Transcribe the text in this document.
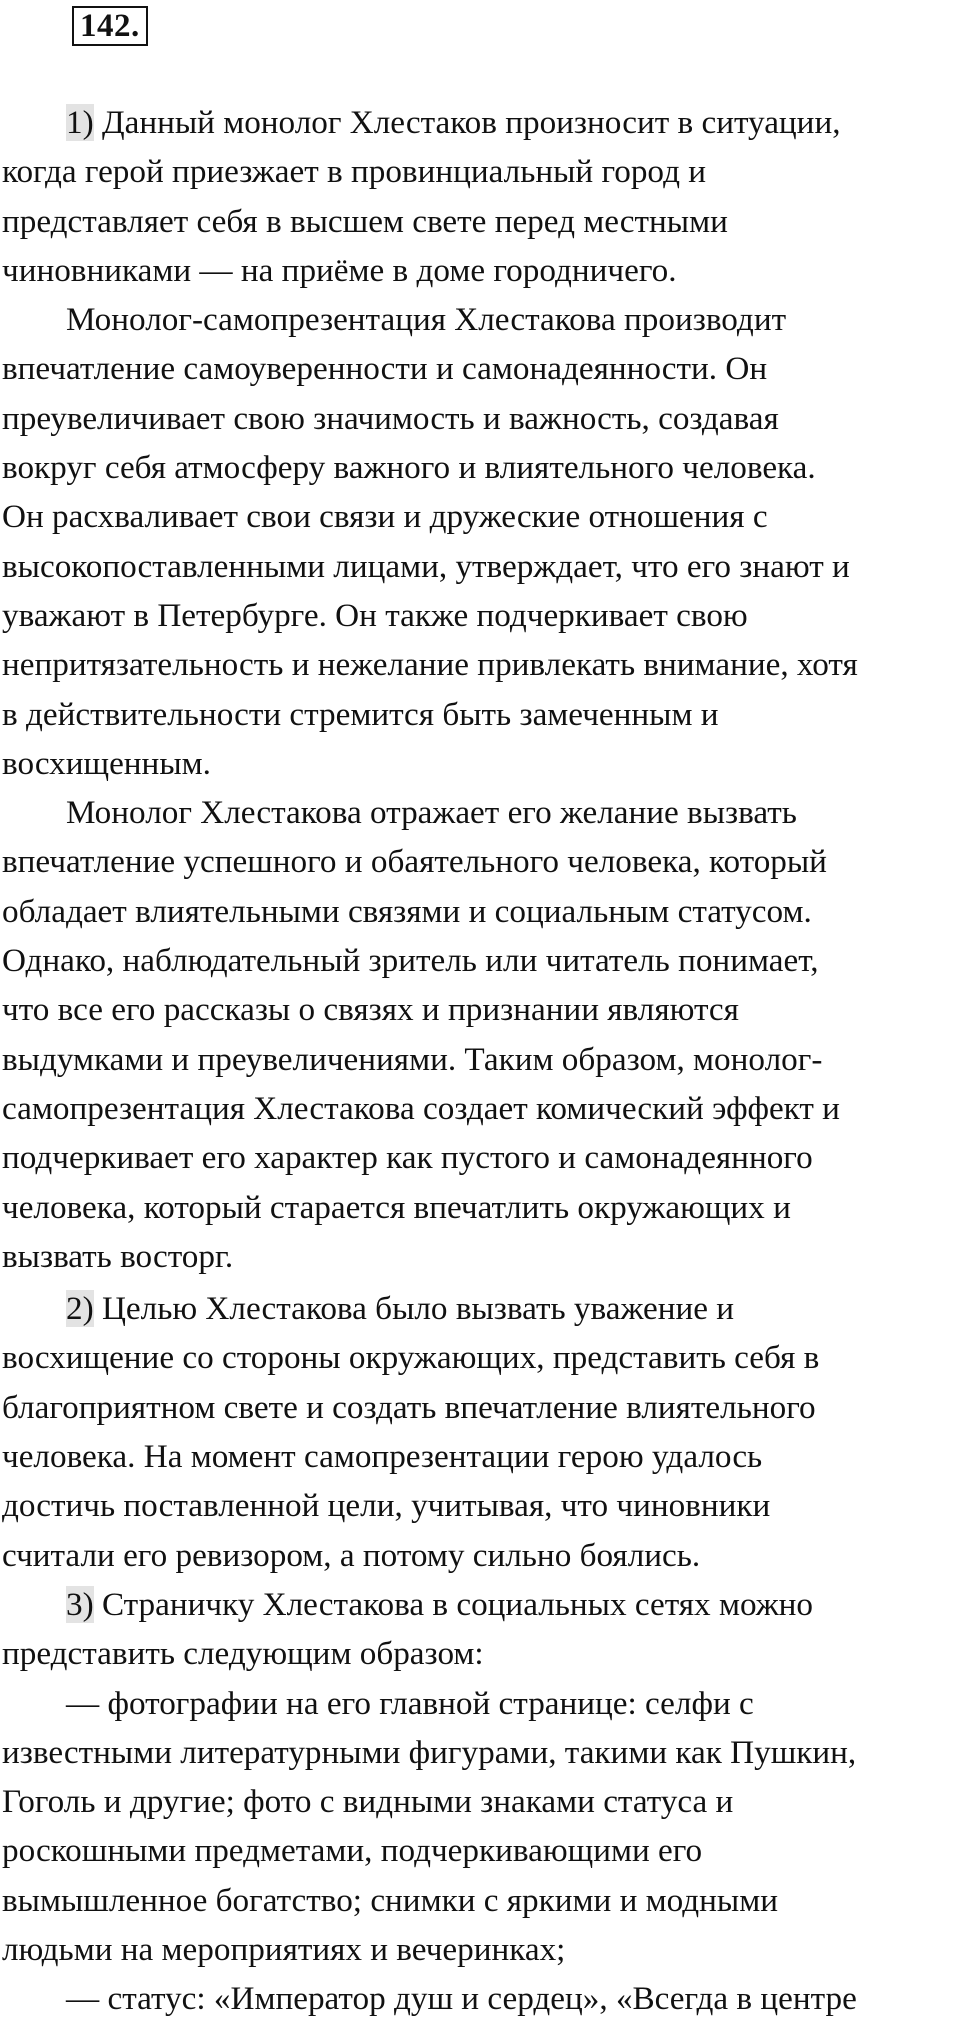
142.
1) Данный монолог Хлестаков произносит в ситуации,
когда герой приезжает в провинциальный город и
представляет себя в высшем свете перед местными
чиновниками — на приёме в доме городничего.
Монолог-самопрезентация Хлестакова производит
впечатление самоуверенности и самонадеянности. Он
преувеличивает свою значимость и важность, создавая
вокруг себя атмосферу важного и влиятельного человека.
Он расхваливает свои связи и дружеские отношения с
высокопоставленными лицами, утверждает, что его знают и
уважают в Петербурге. Он также подчеркивает свою
непритязательность и нежелание привлекать внимание, хотя
в действительности стремится быть замеченным и
восхищенным.
Монолог Хлестакова отражает его желание вызвать
впечатление успешного и обаятельного человека, который
обладает влиятельными связями и социальным статусом.
Однако, наблюдательный зритель или читатель понимает,
что все его рассказы о связях и признании являются
выдумками и преувеличениями. Таким образом, монолог-
самопрезентация Хлестакова создает комический эффект и
подчеркивает его характер как пустого и самонадеянного
человека, который старается впечатлить окружающих и
вызвать восторг.
2) Целью Хлестакова было вызвать уважение и
восхищение со стороны окружающих, представить себя в
благоприятном свете и создать впечатление влиятельного
человека. На момент самопрезентации герою удалось
достичь поставленной цели, учитывая, что чиновники
считали его ревизором, а потому сильно боялись.
3) Страничку Хлестакова в социальных сетях можно
представить следующим образом:
— фотографии на его главной странице: селфи с
известными литературными фигурами, такими как Пушкин,
Гоголь и другие; фото с видными знаками статуса и
роскошными предметами, подчеркивающими его
вымышленное богатство; снимки с яркими и модными
людьми на мероприятиях и вечеринках;
— статус: «Император душ и сердец», «Всегда в центре
